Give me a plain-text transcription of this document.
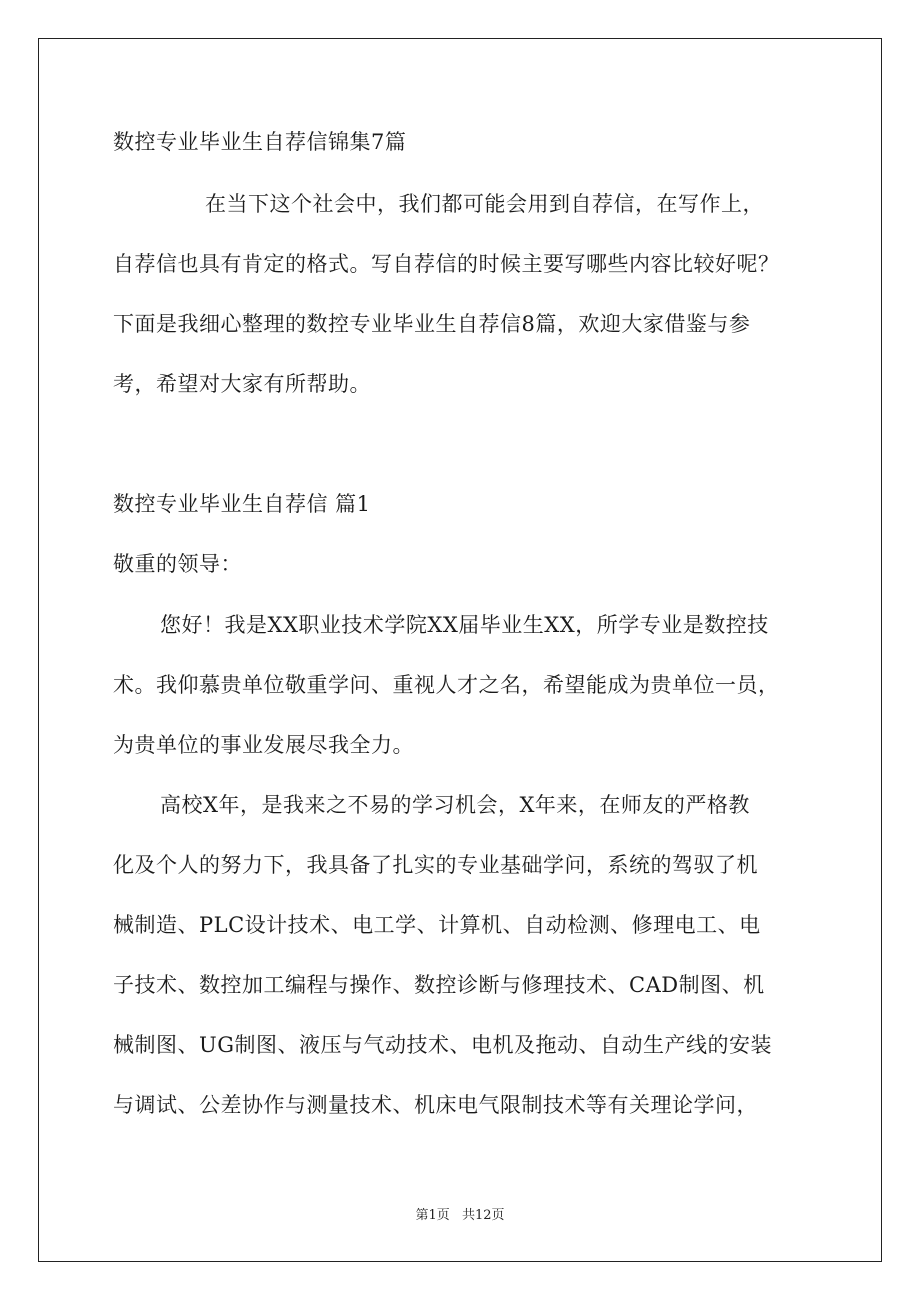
数控专业毕业生自荐信锦集7篇
在当下这个社会中，我们都可能会用到自荐信，在写作上，
自荐信也具有肯定的格式。写自荐信的时候主要写哪些内容比较好呢？
下面是我细心整理的数控专业毕业生自荐信8篇，欢迎大家借鉴与参
考，希望对大家有所帮助。
数控专业毕业生自荐信 篇1
敬重的领导：
您好！我是XX职业技术学院XX届毕业生XX，所学专业是数控技
术。我仰慕贵单位敬重学问、重视人才之名，希望能成为贵单位一员，
为贵单位的事业发展尽我全力。
高校X年，是我来之不易的学习机会，X年来，在师友的严格教
化及个人的努力下，我具备了扎实的专业基础学问，系统的驾驭了机
械制造、PLC设计技术、电工学、计算机、自动检测、修理电工、电
子技术、数控加工编程与操作、数控诊断与修理技术、CAD制图、机
械制图、UG制图、液压与气动技术、电机及拖动、自动生产线的安装
与调试、公差协作与测量技术、机床电气限制技术等有关理论学问，
第1页 共12页
